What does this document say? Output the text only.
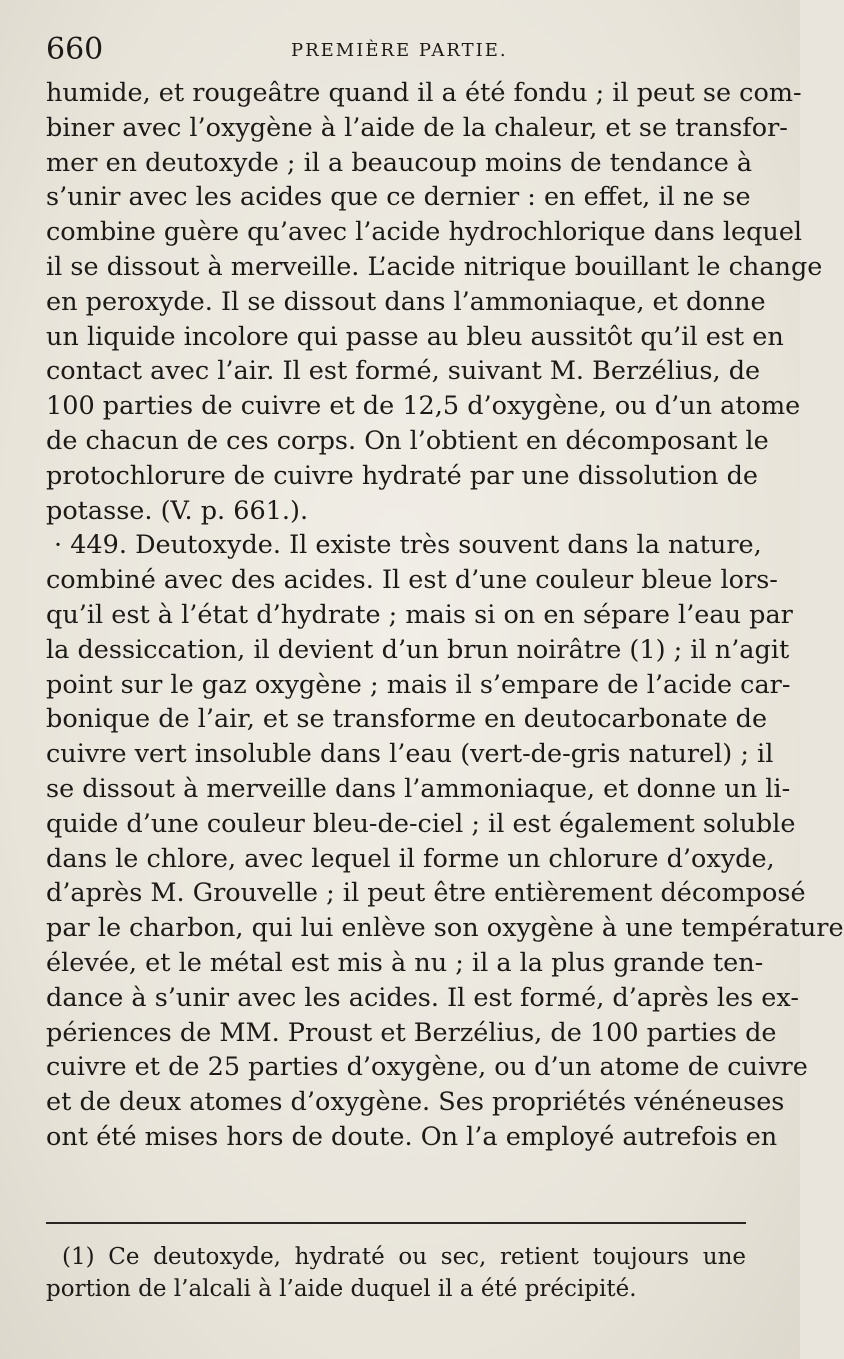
660	PREMIÈRE PARTIE.
humide, et rougeâtre quand il a été fondu ; il peut se com-
biner avec l’oxygène à l’aide de la chaleur, et se transfor-
mer en deutoxyde ; il a beaucoup moins de tendance à
s’unir avec les acides que ce dernier : en effet, il ne se
combine guère qu’avec l’acide hydrochlorique dans lequel
il se dissout à merveille. L’acide nitrique bouillant le change
en peroxyde. Il se dissout dans l’ammoniaque, et donne
un liquide incolore qui passe au bleu aussitôt qu’il est en
contact avec l’air. Il est formé, suivant M. Berzélius, de
100 parties de cuivre et de 12,5 d’oxygène, ou d’un atome
de chacun de ces corps. On l’obtient en décomposant le
protochlorure de cuivre hydraté par une dissolution de
potasse. (V. p. 661.).
· 449. Deutoxyde. Il existe très souvent dans la nature,
combiné avec des acides. Il est d’une couleur bleue lors-
qu’il est à l’état d’hydrate ; mais si on en sépare l’eau par
la dessiccation, il devient d’un brun noirâtre (1) ; il n’agit
point sur le gaz oxygène ; mais il s’empare de l’acide car-
bonique de l’air, et se transforme en deutocarbonate de
cuivre vert insoluble dans l’eau (vert-de-gris naturel) ; il
se dissout à merveille dans l’ammoniaque, et donne un li-
quide d’une couleur bleu-de-ciel ; il est également soluble
dans le chlore, avec lequel il forme un chlorure d’oxyde,
d’après M. Grouvelle ; il peut être entièrement décomposé
par le charbon, qui lui enlève son oxygène à une température
élevée, et le métal est mis à nu ; il a la plus grande ten-
dance à s’unir avec les acides. Il est formé, d’après les ex-
périences de MM. Proust et Berzélius, de 100 parties de
cuivre et de 25 parties d’oxygène, ou d’un atome de cuivre
et de deux atomes d’oxygène. Ses propriétés vénéneuses
ont été mises hors de doute. On l’a employé autrefois en
(1) Ce deutoxyde, hydraté ou sec, retient toujours une
portion de l’alcali à l’aide duquel il a été précipité.
